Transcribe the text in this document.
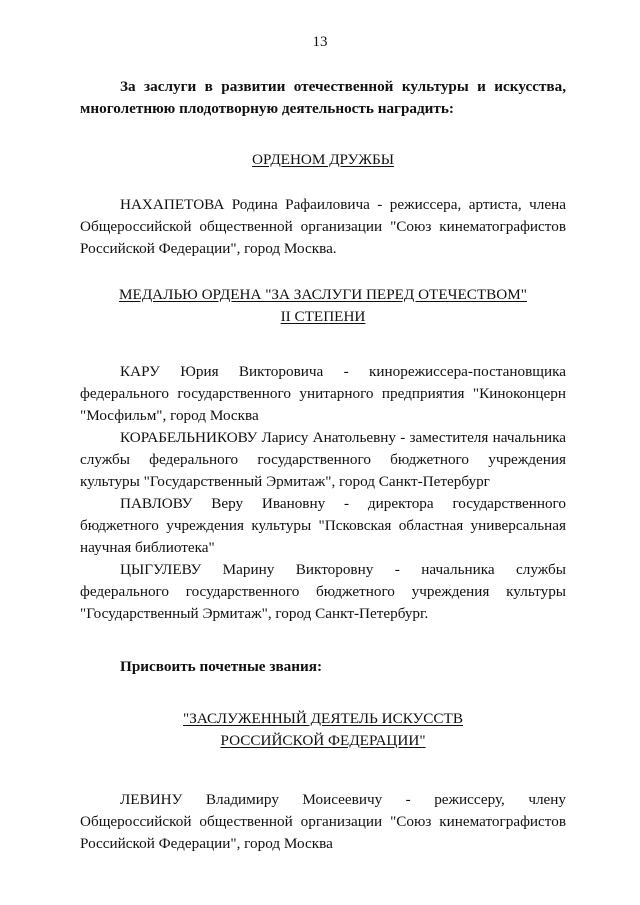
13

За заслуги в развитии отечественной культуры и искусства, многолетнюю плодотворную деятельность наградить:

ОРДЕНОМ ДРУЖБЫ

НАХАПЕТОВА Родина Рафаиловича - режиссера, артиста, члена Общероссийской общественной организации "Союз кинематографистов Российской Федерации", город Москва.

МЕДАЛЬЮ ОРДЕНА "ЗА ЗАСЛУГИ ПЕРЕД ОТЕЧЕСТВОМ"
II СТЕПЕНИ

КАРУ Юрия Викторовича - кинорежиссера-постановщика федерального государственного унитарного предприятия "Киноконцерн "Мосфильм", город Москва

КОРАБЕЛЬНИКОВУ Ларису Анатольевну - заместителя начальника службы федерального государственного бюджетного учреждения культуры "Государственный Эрмитаж", город Санкт-Петербург

ПАВЛОВУ Веру Ивановну - директора государственного бюджетного учреждения культуры "Псковская областная универсальная научная библиотека"

ЦЫГУЛЕВУ Марину Викторовну - начальника службы федерального государственного бюджетного учреждения культуры "Государственный Эрмитаж", город Санкт-Петербург.

Присвоить почетные звания:

"ЗАСЛУЖЕННЫЙ ДЕЯТЕЛЬ ИСКУССТВ
РОССИЙСКОЙ ФЕДЕРАЦИИ"

ЛЕВИНУ Владимиру Моисеевичу - режиссеру, члену Общероссийской общественной организации "Союз кинематографистов Российской Федерации", город Москва
